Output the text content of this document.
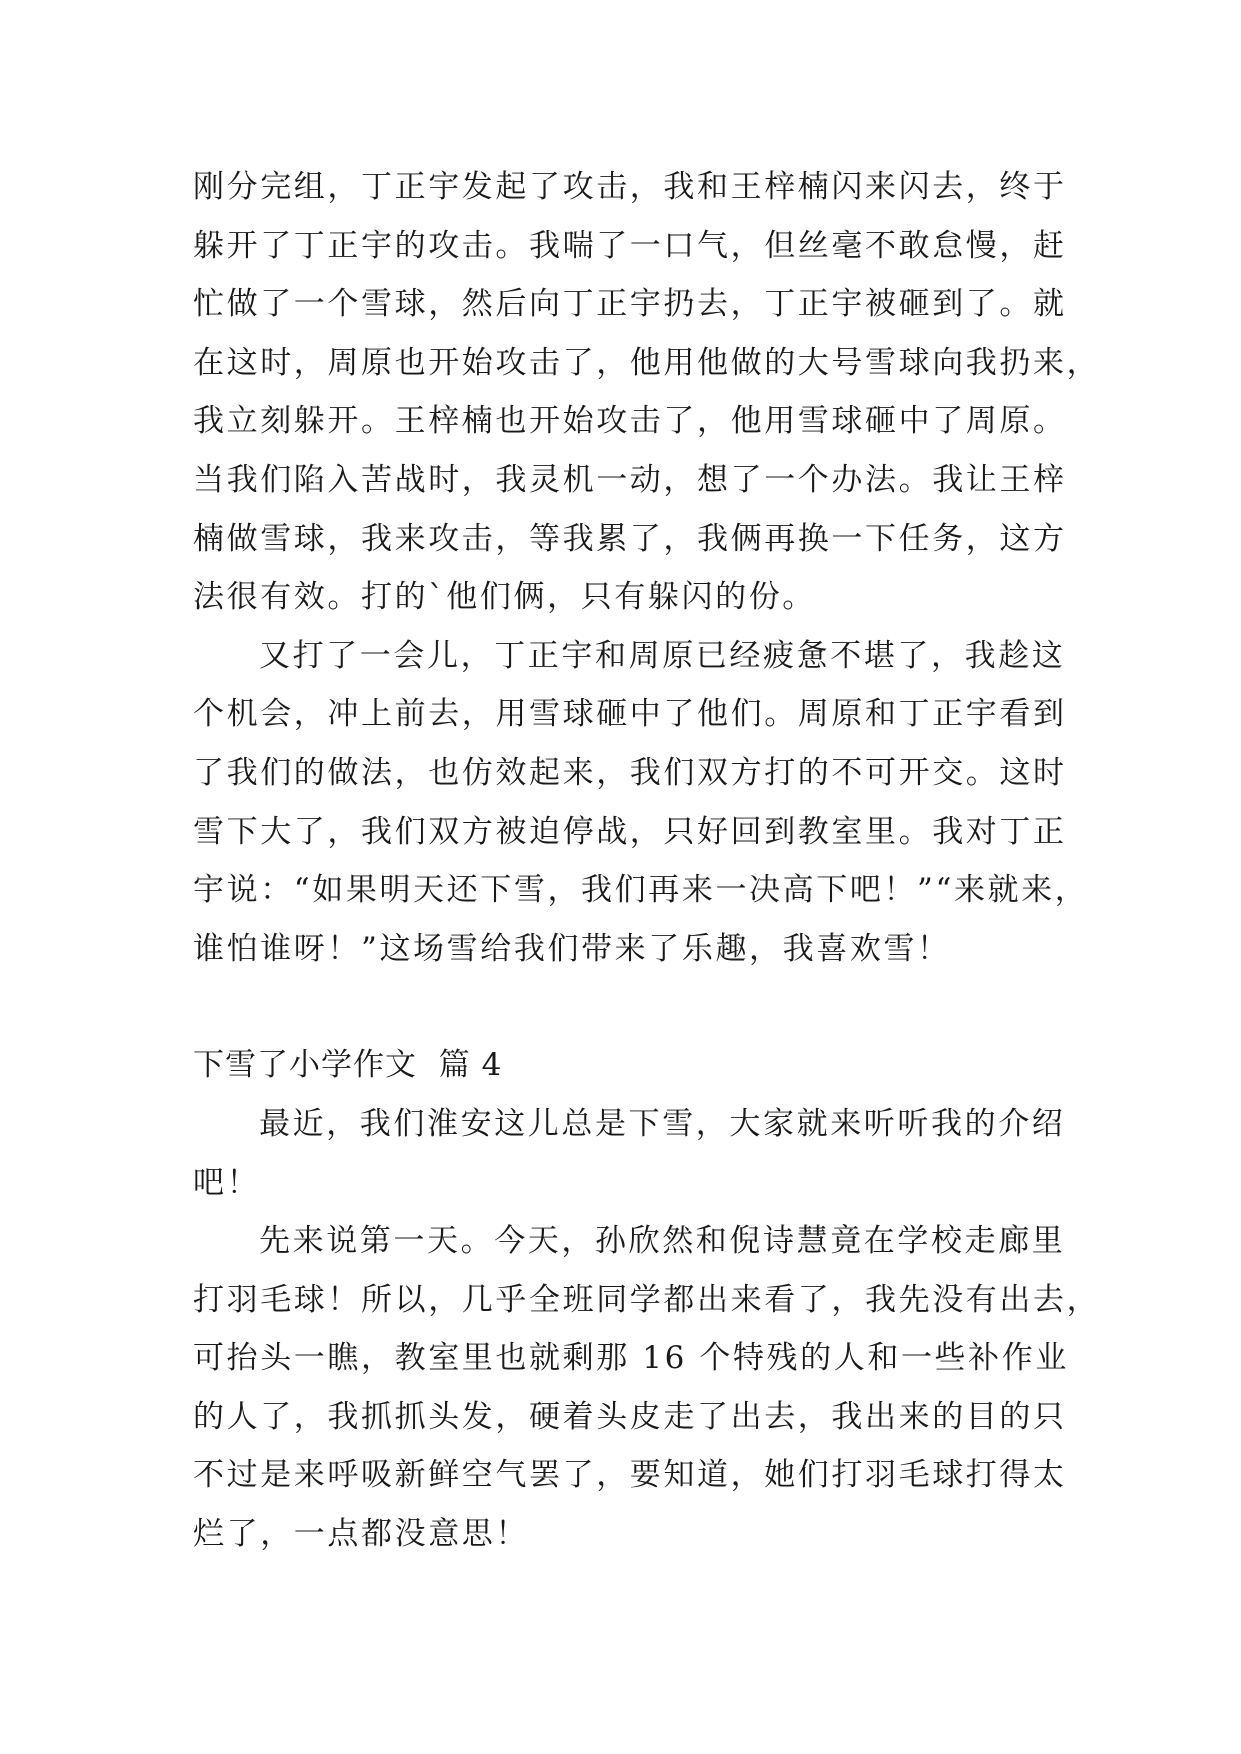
刚分完组，丁正宇发起了攻击，我和王梓楠闪来闪去，终于
躲开了丁正宇的攻击。我喘了一口气，但丝毫不敢怠慢，赶
忙做了一个雪球，然后向丁正宇扔去，丁正宇被砸到了。就
在这时，周原也开始攻击了，他用他做的大号雪球向我扔来，
我立刻躲开。王梓楠也开始攻击了，他用雪球砸中了周原。
当我们陷入苦战时，我灵机一动，想了一个办法。我让王梓
楠做雪球，我来攻击，等我累了，我俩再换一下任务，这方
法很有效。打的`他们俩，只有躲闪的份。
又打了一会儿，丁正宇和周原已经疲惫不堪了，我趁这
个机会，冲上前去，用雪球砸中了他们。周原和丁正宇看到
了我们的做法，也仿效起来，我们双方打的不可开交。这时
雪下大了，我们双方被迫停战，只好回到教室里。我对丁正
宇说：“如果明天还下雪，我们再来一决高下吧！”“来就来，
谁怕谁呀！”这场雪给我们带来了乐趣，我喜欢雪！
下雪了小学作文 篇 4
最近，我们淮安这儿总是下雪，大家就来听听我的介绍
吧！
先来说第一天。今天，孙欣然和倪诗慧竟在学校走廊里
打羽毛球！所以，几乎全班同学都出来看了，我先没有出去，
可抬头一瞧，教室里也就剩那 16 个特残的人和一些补作业
的人了，我抓抓头发，硬着头皮走了出去，我出来的目的只
不过是来呼吸新鲜空气罢了，要知道，她们打羽毛球打得太
烂了，一点都没意思！
